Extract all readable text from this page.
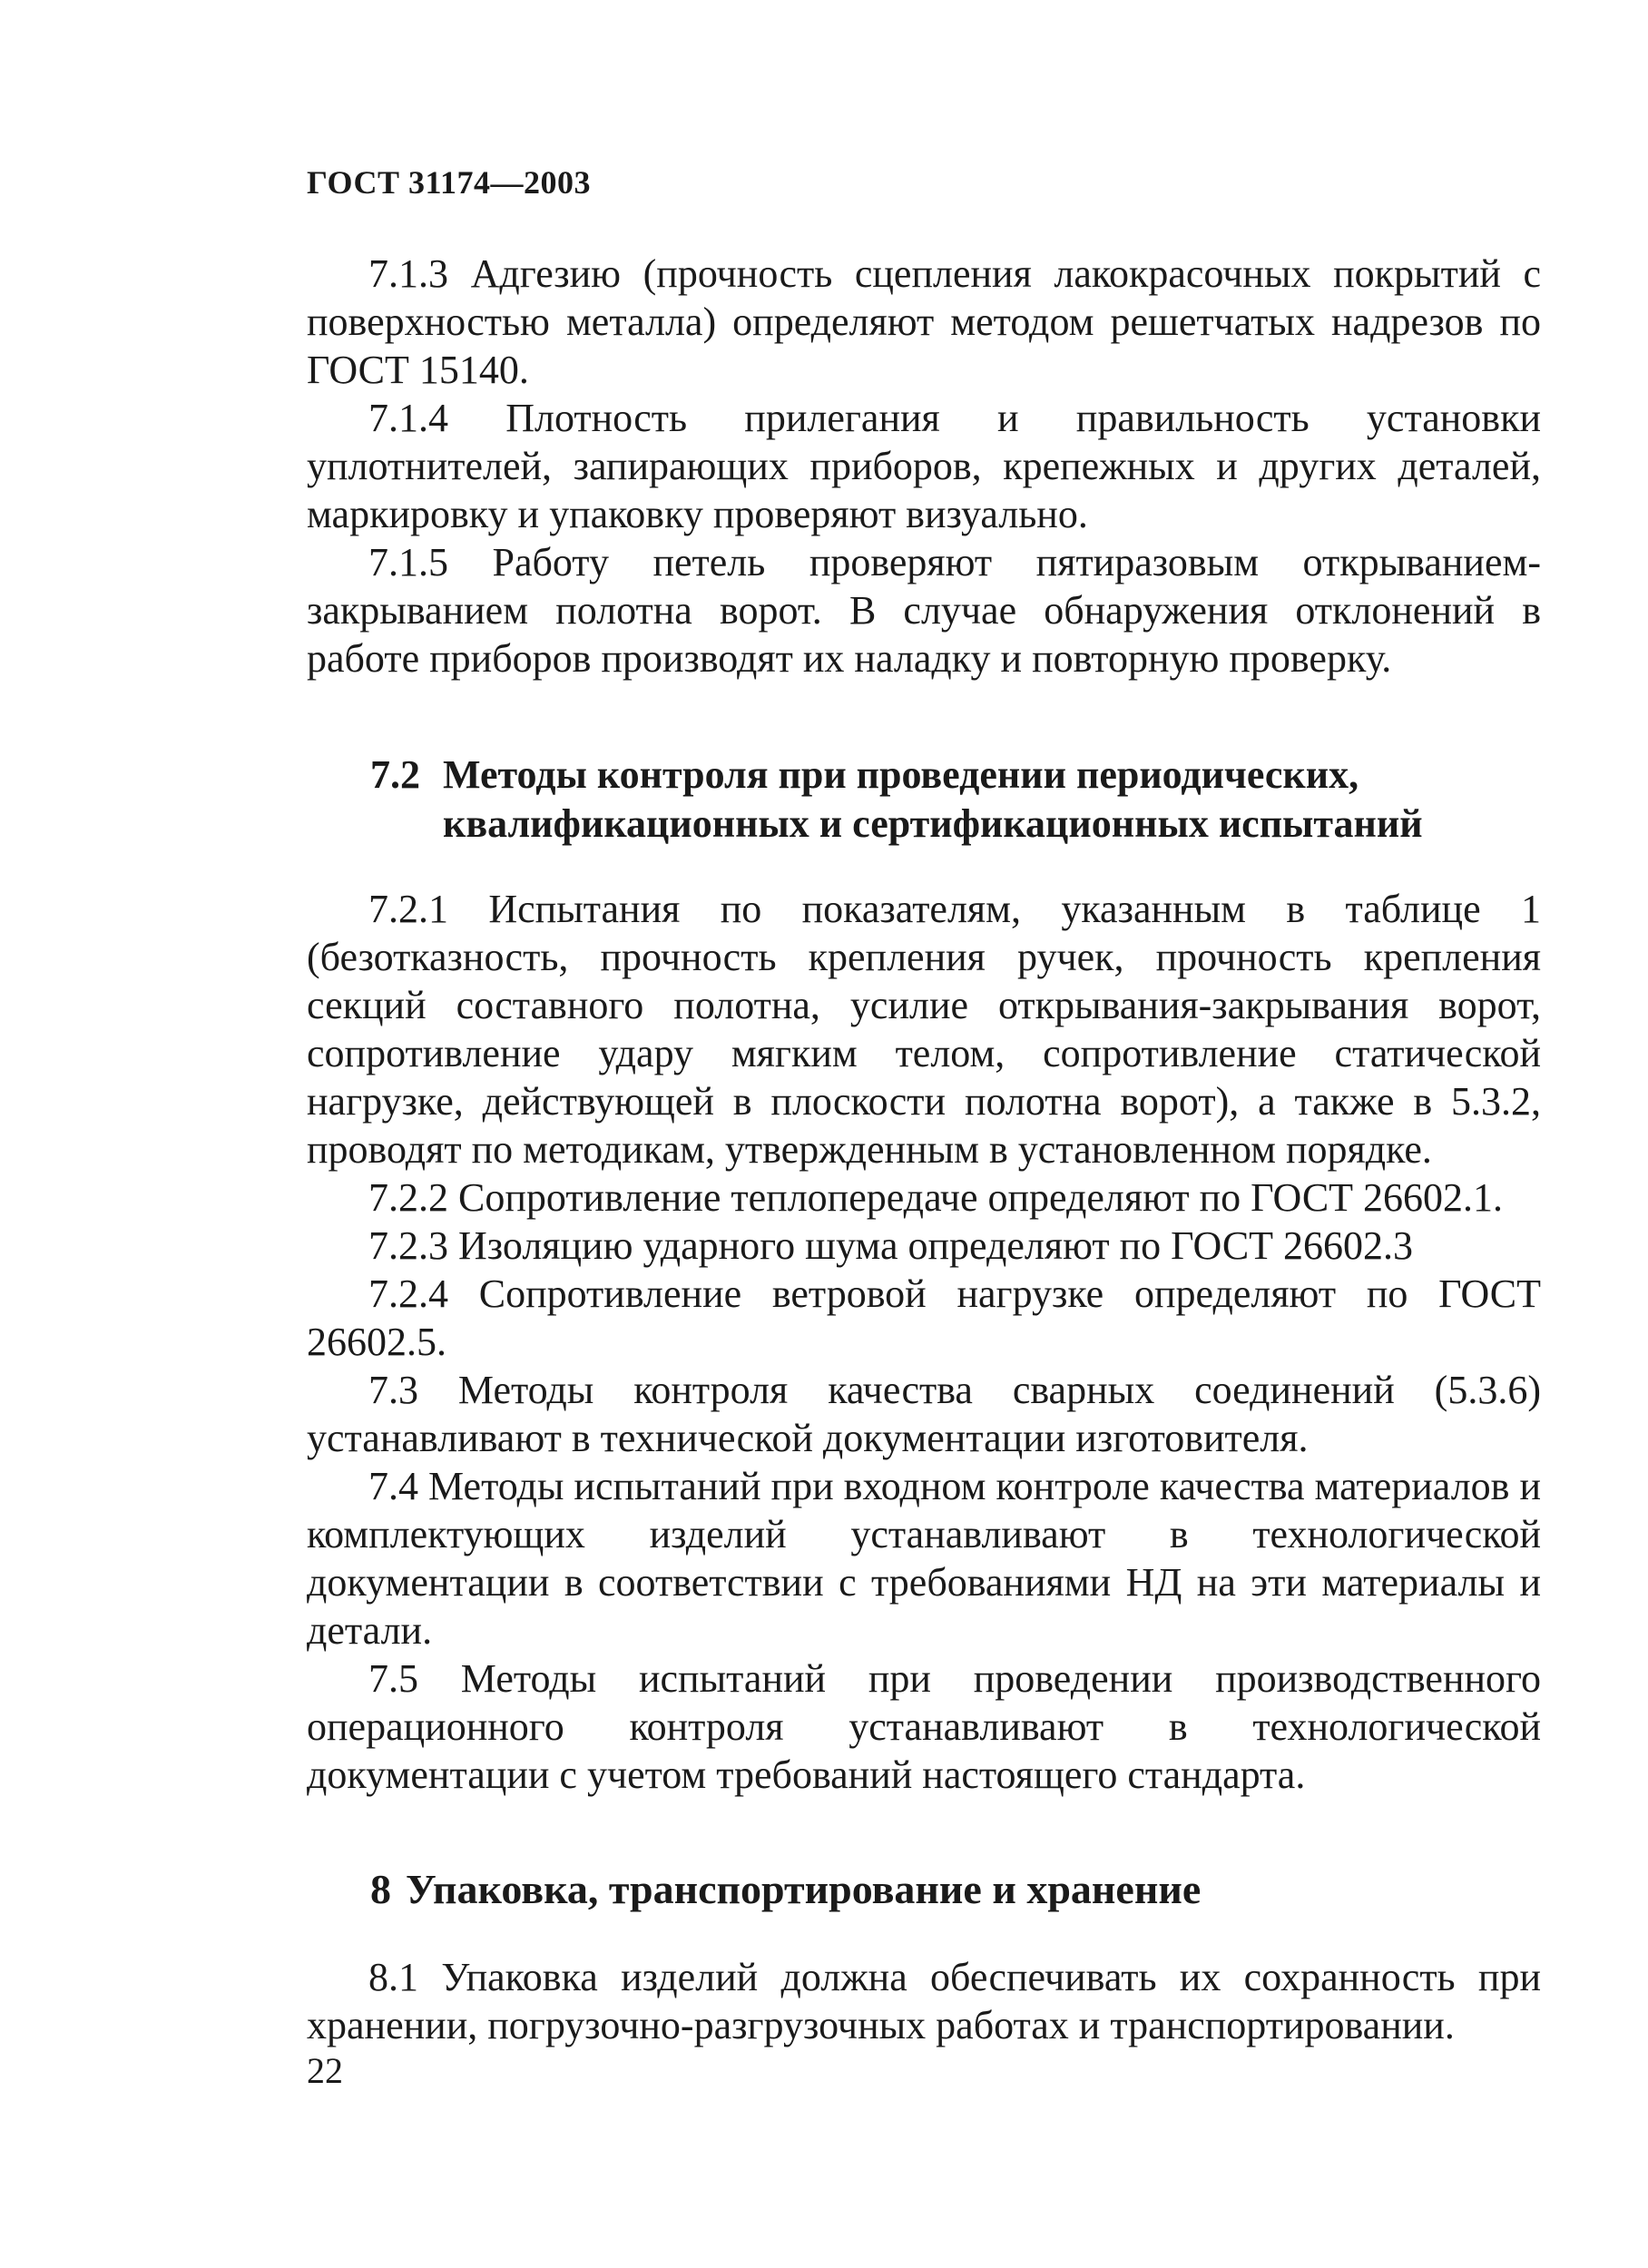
ГОСТ 31174—2003

7.1.3 Адгезию (прочность сцепления лакокрасочных покрытий с поверхностью металла) определяют методом решетчатых надрезов по ГОСТ 15140.

7.1.4 Плотность прилегания и правильность установки уплотнителей, запирающих приборов, крепежных и других деталей, маркировку и упаковку проверяют визуально.

7.1.5 Работу петель проверяют пятиразовым открыванием-закрыванием полотна ворот. В случае обнаружения отклонений в работе приборов производят их наладку и повторную проверку.

7.2 Методы контроля при проведении периодических,
квалификационных и сертификационных испытаний

7.2.1 Испытания по показателям, указанным в таблице 1 (безотказность, прочность крепления ручек, прочность крепления секций составного полотна, усилие открывания-закрывания ворот, сопротивление удару мягким телом, сопротивление статической нагрузке, действующей в плоскости полотна ворот), а также в 5.3.2, проводят по методикам, утвержденным в установленном порядке.

7.2.2 Сопротивление теплопередаче определяют по ГОСТ 26602.1.

7.2.3 Изоляцию ударного шума определяют по ГОСТ 26602.3

7.2.4 Сопротивление ветровой нагрузке определяют по ГОСТ 26602.5.

7.3 Методы контроля качества сварных соединений (5.3.6) устанавливают в технической документации изготовителя.

7.4 Методы испытаний при входном контроле качества материалов и комплектующих изделий устанавливают в технологической документации в соответствии с требованиями НД на эти материалы и детали.

7.5 Методы испытаний при проведении производственного операционного контроля устанавливают в технологической документации с учетом требований настоящего стандарта.

8 Упаковка, транспортирование и хранение

8.1 Упаковка изделий должна обеспечивать их сохранность при хранении, погрузочно-разгрузочных работах и транспортировании.

22
